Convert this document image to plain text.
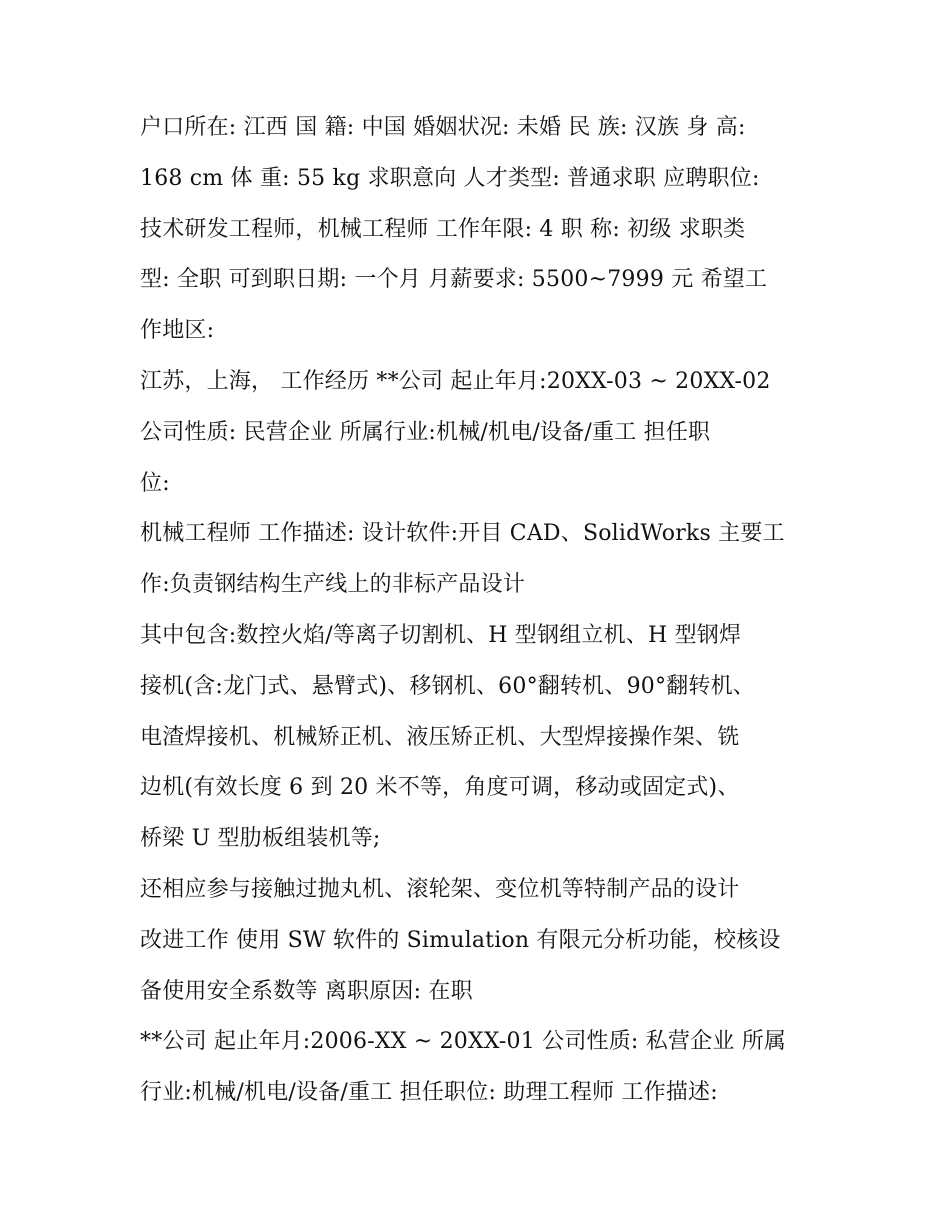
户口所在: 江西 国 籍: 中国 婚姻状况: 未婚 民 族: 汉族 身 高:
168 cm 体 重: 55 kg 求职意向 人才类型: 普通求职 应聘职位:
技术研发工程师，机械工程师 工作年限: 4 职 称: 初级 求职类
型: 全职 可到职日期: 一个月 月薪要求: 5500~7999 元 希望工
作地区:
江苏，上海， 工作经历 **公司 起止年月:20XX-03 ~ 20XX-02
公司性质: 民营企业 所属行业:机械/机电/设备/重工 担任职
位:
机械工程师 工作描述: 设计软件:开目 CAD、SolidWorks 主要工
作:负责钢结构生产线上的非标产品设计
其中包含:数控火焰/等离子切割机、H 型钢组立机、H 型钢焊
接机(含:龙门式、悬臂式)、移钢机、60°翻转机、90°翻转机、
电渣焊接机、机械矫正机、液压矫正机、大型焊接操作架、铣
边机(有效长度 6 到 20 米不等，角度可调，移动或固定式)、
桥梁 U 型肋板组装机等;
还相应参与接触过抛丸机、滚轮架、变位机等特制产品的设计
改进工作 使用 SW 软件的 Simulation 有限元分析功能，校核设
备使用安全系数等 离职原因: 在职
**公司 起止年月:2006-XX ~ 20XX-01 公司性质: 私营企业 所属
行业:机械/机电/设备/重工 担任职位: 助理工程师 工作描述:
